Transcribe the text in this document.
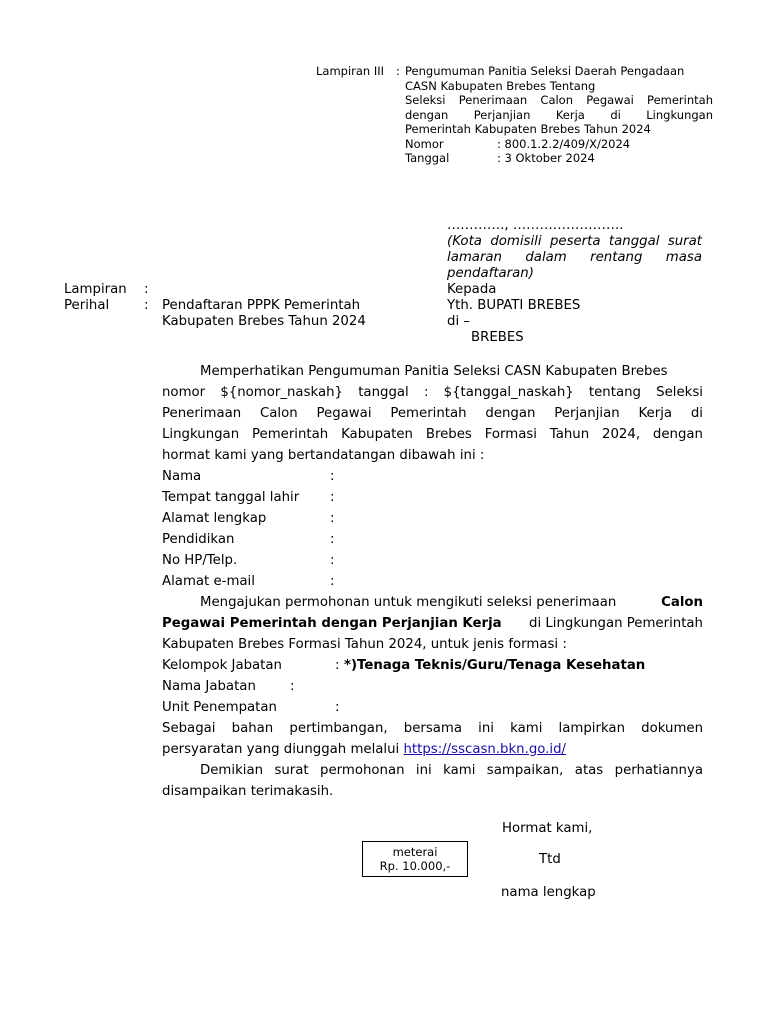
Lampiran III : Pengumuman Panitia Seleksi Daerah Pengadaan
CASN Kabupaten Brebes Tentang
Seleksi Penerimaan Calon Pegawai Pemerintah
dengan Perjanjian Kerja di Lingkungan
Pemerintah Kabupaten Brebes Tahun 2024
Nomor	: 800.1.2.2/409/X/2024
Tanggal	: 3 Oktober 2024
…………., …………………….
(Kota domisili peserta tanggal surat lamaran dalam rentang masa pendaftaran)
Kepada
Yth. BUPATI BREBES
di –
BREBES
Lampiran :
Perihal	: Pendaftaran PPPK Pemerintah
Kabupaten Brebes Tahun 2024
Memperhatikan Pengumuman Panitia Seleksi CASN Kabupaten Brebes
nomor ${nomor_naskah} tanggal : ${tanggal_naskah} tentang Seleksi
Penerimaan Calon Pegawai Pemerintah dengan Perjanjian Kerja di
Lingkungan Pemerintah Kabupaten Brebes Formasi Tahun 2024, dengan
hormat kami yang bertandatangan dibawah ini :
Nama	:
Tempat tanggal lahir :
Alamat lengkap	:
Pendidikan	:
No HP/Telp.	:
Alamat e-mail	:
Mengajukan permohonan untuk mengikuti seleksi penerimaan	Calon
Pegawai Pemerintah dengan Perjanjian Kerja di Lingkungan Pemerintah
Kabupaten Brebes Formasi Tahun 2024, untuk jenis formasi :
Kelompok Jabatan	: *)Tenaga Teknis/Guru/Tenaga Kesehatan
Nama Jabatan	:
Unit Penempatan	:
Sebagai bahan pertimbangan, bersama ini kami lampirkan dokumen
persyaratan yang diunggah melalui https://sscasn.bkn.go.id/
Demikian surat permohonan ini kami sampaikan, atas perhatiannya
disampaikan terimakasih.
Hormat kami,
meterai
Rp. 10.000,-	Ttd
nama lengkap
